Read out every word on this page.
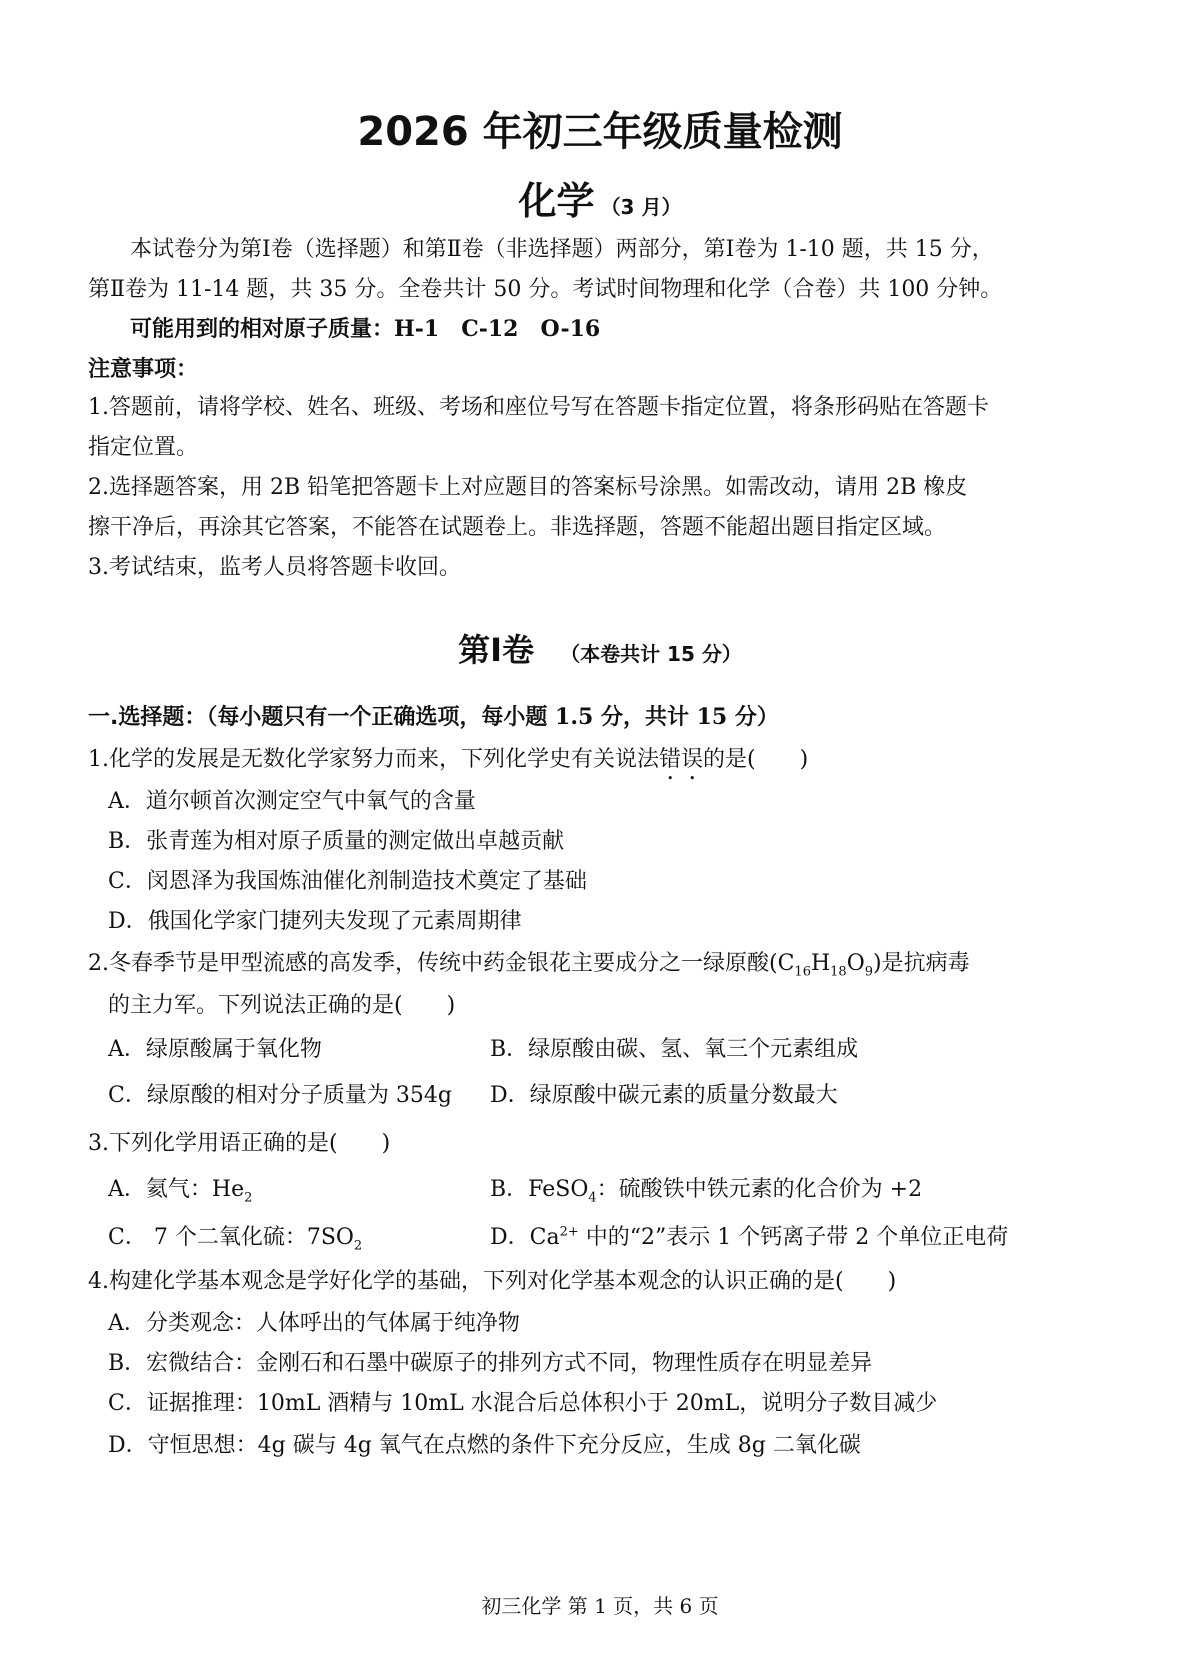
2026 年初三年级质量检测
化学 （3 月）
本试卷分为第Ⅰ卷（选择题）和第Ⅱ卷（非选择题）两部分，第Ⅰ卷为 1-10 题，共 15 分，
第Ⅱ卷为 11-14 题，共 35 分。全卷共计 50 分。考试时间物理和化学（合卷）共 100 分钟。
可能用到的相对原子质量：H-1　C-12　O-16
注意事项：
1.答题前，请将学校、姓名、班级、考场和座位号写在答题卡指定位置，将条形码贴在答题卡
指定位置。
2.选择题答案，用 2B 铅笔把答题卡上对应题目的答案标号涂黑。如需改动，请用 2B 橡皮
擦干净后，再涂其它答案，不能答在试题卷上。非选择题，答题不能超出题目指定区域。
3.考试结束，监考人员将答题卡收回。
第Ⅰ卷 （本卷共计 15 分）
一.选择题：（每小题只有一个正确选项，每小题 1.5 分，共计 15 分）
1.化学的发展是无数化学家努力而来，下列化学史有关说法错误的是(　　)
A．道尔顿首次测定空气中氧气的含量
B．张青莲为相对原子质量的测定做出卓越贡献
C．闵恩泽为我国炼油催化剂制造技术奠定了基础
D．俄国化学家门捷列夫发现了元素周期律
2.冬春季节是甲型流感的高发季，传统中药金银花主要成分之一绿原酸$(C_{16}H_{18}O_9)$是抗病毒
的主力军。下列说法正确的是(　　)
A．绿原酸属于氧化物	B．绿原酸由碳、氢、氧三个元素组成
C．绿原酸的相对分子质量为 354g D．绿原酸中碳元素的质量分数最大
3.下列化学用语正确的是(　　)
A．氦气：$He_2$	B．FeSO$_4$：硫酸铁中铁元素的化合价为 +2
C． 7 个二氧化硫：$7SO_2$	D．$Ca^{2+}$ 中的“2”表示 1 个钙离子带 2 个单位正电荷
4.构建化学基本观念是学好化学的基础，下列对化学基本观念的认识正确的是(　　)
A．分类观念：人体呼出的气体属于纯净物
B．宏微结合：金刚石和石墨中碳原子的排列方式不同，物理性质存在明显差异
C．证据推理：10mL 酒精与 10mL 水混合后总体积小于 20mL，说明分子数目减少
D．守恒思想：4g 碳与 4g 氧气在点燃的条件下充分反应，生成 8g 二氧化碳
初三化学 第 1 页，共 6 页
